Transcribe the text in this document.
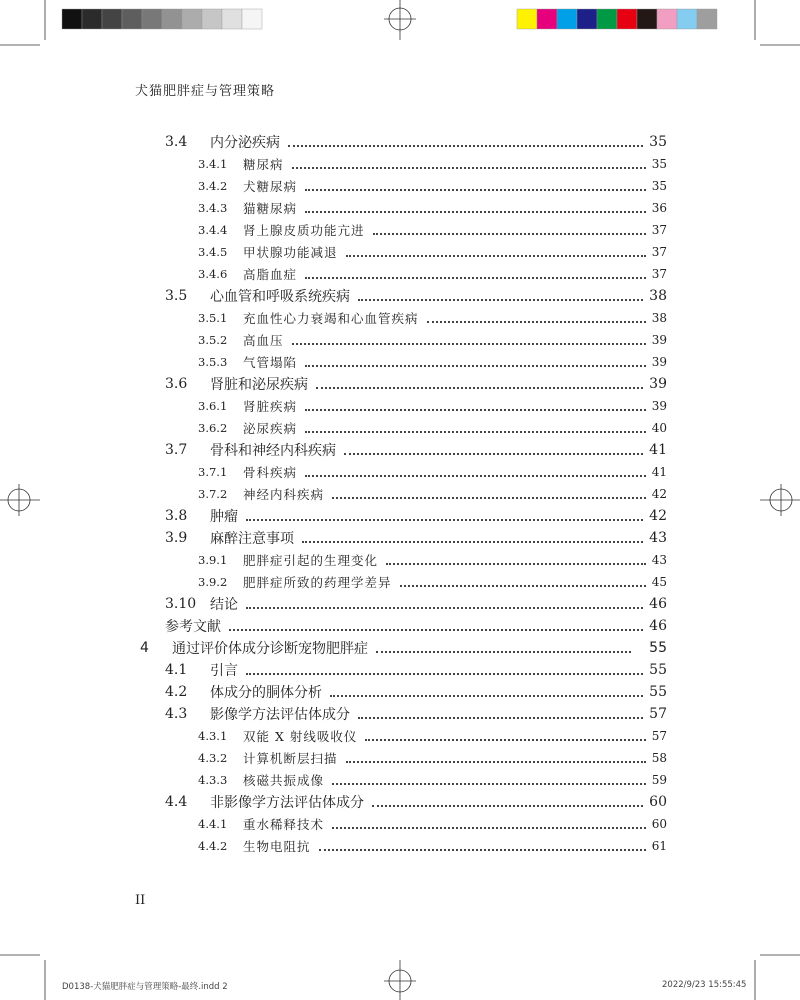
犬猫肥胖症与管理策略
3.4	内分泌疾病	35
3.4.1	糖尿病	35
3.4.2	犬糖尿病	35
3.4.3	猫糖尿病	36
3.4.4	肾上腺皮质功能亢进	37
3.4.5	甲状腺功能减退	37
3.4.6	高脂血症	37
3.5	心血管和呼吸系统疾病	38
3.5.1	充血性心力衰竭和心血管疾病	38
3.5.2	高血压	39
3.5.3	气管塌陷	39
3.6	肾脏和泌尿疾病	39
3.6.1	肾脏疾病	39
3.6.2	泌尿疾病	40
3.7	骨科和神经内科疾病	41
3.7.1	骨科疾病	41
3.7.2	神经内科疾病	42
3.8	肿瘤	42
3.9	麻醉注意事项	43
3.9.1	肥胖症引起的生理变化	43
3.9.2	肥胖症所致的药理学差异	45
3.10 结论	46
参考文献	46
4	通过评价体成分诊断宠物肥胖症	55
4.1	引言	55
4.2	体成分的胴体分析	55
4.3	影像学方法评估体成分	57
4.3.1	双能 X 射线吸收仪	57
4.3.2	计算机断层扫描	58
4.3.3	核磁共振成像	59
4.4	非影像学方法评估体成分	60
4.4.1	重水稀释技术	60
4.4.2	生物电阻抗	61
II
D0138-犬猫肥胖症与管理策略-最终.indd 2	2022/9/23 15:55:45
